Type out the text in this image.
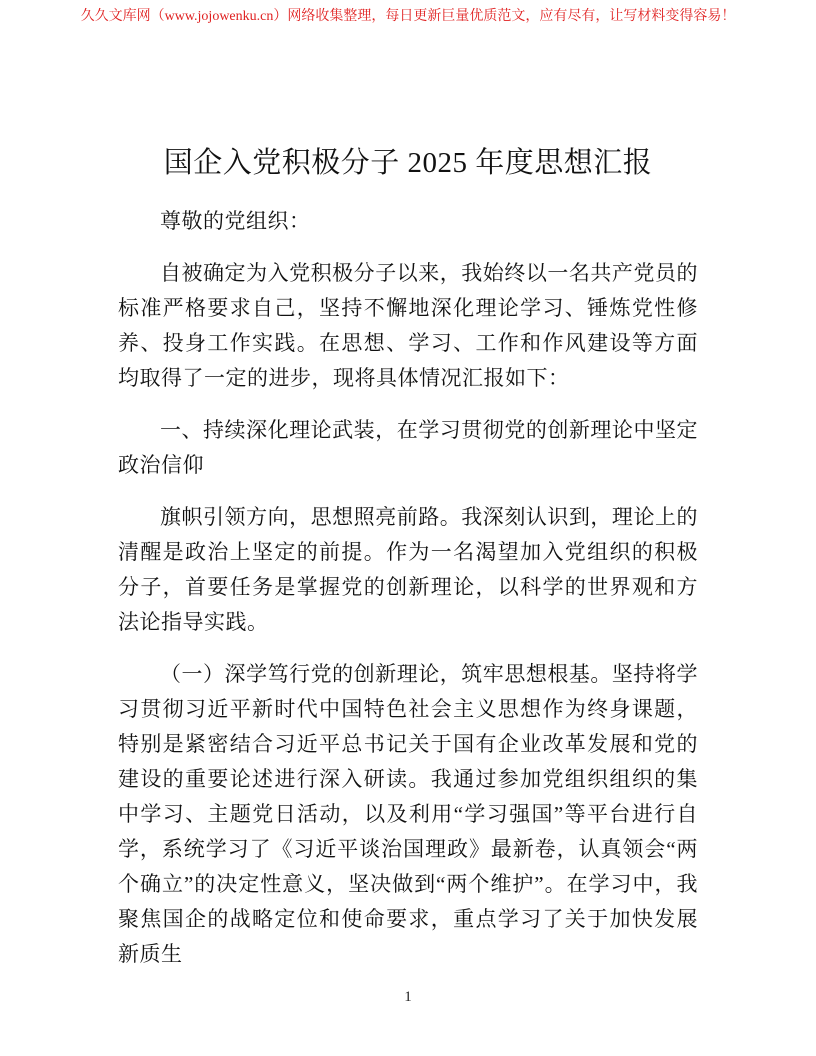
久久文库网（www.jojowenku.cn）网络收集整理，每日更新巨量优质范文，应有尽有，让写材料变得容易！
国企入党积极分子 2025 年度思想汇报

尊敬的党组织：

自被确定为入党积极分子以来，我始终以一名共产党员的标准严格要求自己，坚持不懈地深化理论学习、锤炼党性修养、投身工作实践。在思想、学习、工作和作风建设等方面均取得了一定的进步，现将具体情况汇报如下：

一、持续深化理论武装，在学习贯彻党的创新理论中坚定政治信仰

旗帜引领方向，思想照亮前路。我深刻认识到，理论上的清醒是政治上坚定的前提。作为一名渴望加入党组织的积极分子，首要任务是掌握党的创新理论，以科学的世界观和方法论指导实践。

（一）深学笃行党的创新理论，筑牢思想根基。坚持将学习贯彻习近平新时代中国特色社会主义思想作为终身课题，特别是紧密结合习近平总书记关于国有企业改革发展和党的建设的重要论述进行深入研读。我通过参加党组织组织的集中学习、主题党日活动，以及利用“学习强国”等平台进行自学，系统学习了《习近平谈治国理政》最新卷，认真领会“两个确立”的决定性意义，坚决做到“两个维护”。在学习中，我聚焦国企的战略定位和使命要求，重点学习了关于加快发展新质生

1
